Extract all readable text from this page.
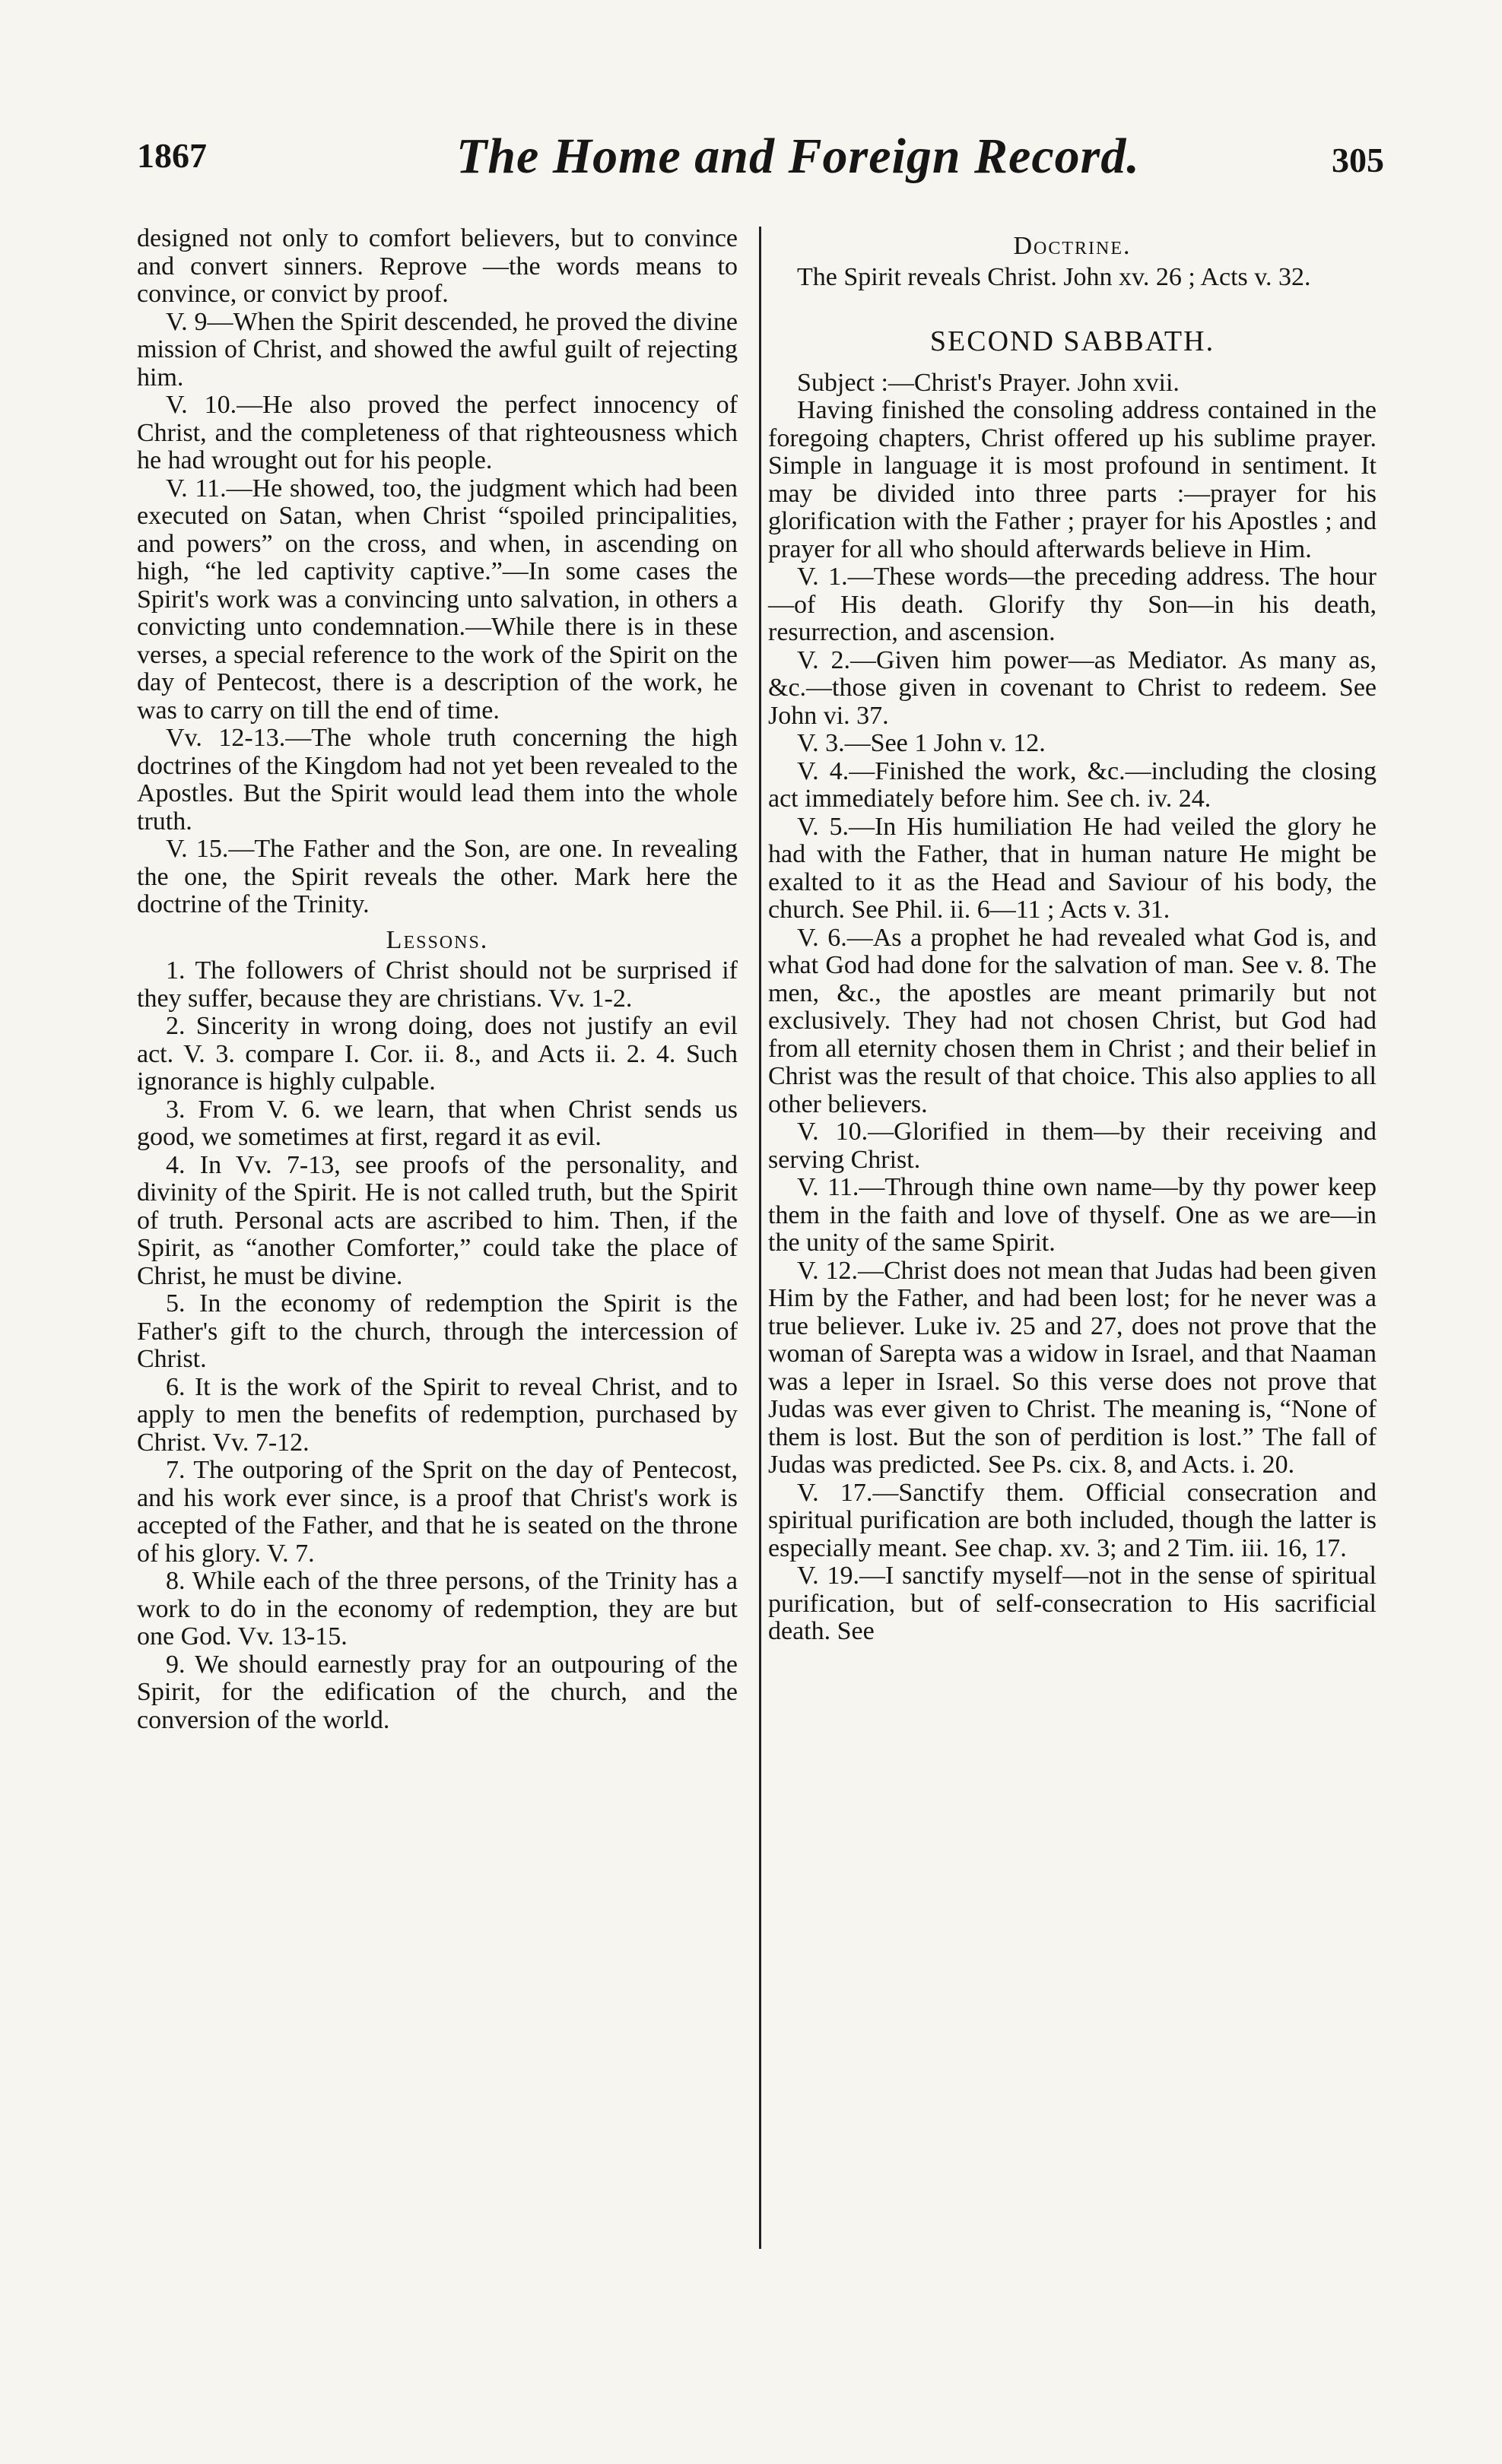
1867	The Home and Foreign Record.	305

designed not only to comfort believers, but to convince and convert sinners. Reprove —the words means to convince, or convict by proof.

V. 9—When the Spirit descended, he proved the divine mission of Christ, and showed the awful guilt of rejecting him.

V. 10.—He also proved the perfect innocency of Christ, and the completeness of that righteousness which he had wrought out for his people.

V. 11.—He showed, too, the judgment which had been executed on Satan, when Christ “spoiled principalities, and powers” on the cross, and when, in ascending on high, “he led captivity captive.”—In some cases the Spirit's work was a convincing unto salvation, in others a convicting unto condemnation.—While there is in these verses, a special reference to the work of the Spirit on the day of Pentecost, there is a description of the work, he was to carry on till the end of time.

Vv. 12-13.—The whole truth concerning the high doctrines of the Kingdom had not yet been revealed to the Apostles. But the Spirit would lead them into the whole truth.

V. 15.—The Father and the Son, are one. In revealing the one, the Spirit reveals the other. Mark here the doctrine of the Trinity.

Lessons.

1. The followers of Christ should not be surprised if they suffer, because they are christians. Vv. 1-2.

2. Sincerity in wrong doing, does not justify an evil act. V. 3. compare I. Cor. ii. 8., and Acts ii. 2. 4. Such ignorance is highly culpable.

3. From V. 6. we learn, that when Christ sends us good, we sometimes at first, regard it as evil.

4. In Vv. 7-13, see proofs of the personality, and divinity of the Spirit. He is not called truth, but the Spirit of truth. Personal acts are ascribed to him. Then, if the Spirit, as “another Comforter,” could take the place of Christ, he must be divine.

5. In the economy of redemption the Spirit is the Father's gift to the church, through the intercession of Christ.

6. It is the work of the Spirit to reveal Christ, and to apply to men the benefits of redemption, purchased by Christ. Vv. 7-12.

7. The outporing of the Sprit on the day of Pentecost, and his work ever since, is a proof that Christ's work is accepted of the Father, and that he is seated on the throne of his glory. V. 7.

8. While each of the three persons, of the Trinity has a work to do in the economy of redemption, they are but one God. Vv. 13-15.

9. We should earnestly pray for an outpouring of the Spirit, for the edification of the church, and the conversion of the world.

Doctrine.

The Spirit reveals Christ. John xv. 26 ; Acts v. 32.

SECOND SABBATH.

Subject :—Christ's Prayer. John xvii.

Having finished the consoling address contained in the foregoing chapters, Christ offered up his sublime prayer. Simple in language it is most profound in sentiment. It may be divided into three parts :—prayer for his glorification with the Father ; prayer for his Apostles ; and prayer for all who should afterwards believe in Him.

V. 1.—These words—the preceding address. The hour—of His death. Glorify thy Son—in his death, resurrection, and ascension.

V. 2.—Given him power—as Mediator. As many as, &c.—those given in covenant to Christ to redeem. See John vi. 37.

V. 3.—See 1 John v. 12.

V. 4.—Finished the work, &c.—including the closing act immediately before him. See ch. iv. 24.

V. 5.—In His humiliation He had veiled the glory he had with the Father, that in human nature He might be exalted to it as the Head and Saviour of his body, the church. See Phil. ii. 6—11 ; Acts v. 31.

V. 6.—As a prophet he had revealed what God is, and what God had done for the salvation of man. See v. 8. The men, &c., the apostles are meant primarily but not exclusively. They had not chosen Christ, but God had from all eternity chosen them in Christ ; and their belief in Christ was the result of that choice. This also applies to all other believers.

V. 10.—Glorified in them—by their receiving and serving Christ.

V. 11.—Through thine own name—by thy power keep them in the faith and love of thyself. One as we are—in the unity of the same Spirit.

V. 12.—Christ does not mean that Judas had been given Him by the Father, and had been lost; for he never was a true believer. Luke iv. 25 and 27, does not prove that the woman of Sarepta was a widow in Israel, and that Naaman was a leper in Israel. So this verse does not prove that Judas was ever given to Christ. The meaning is, “None of them is lost. But the son of perdition is lost.” The fall of Judas was predicted. See Ps. cix. 8, and Acts. i. 20.

V. 17.—Sanctify them. Official consecration and spiritual purification are both included, though the latter is especially meant. See chap. xv. 3; and 2 Tim. iii. 16, 17.

V. 19.—I sanctify myself—not in the sense of spiritual purification, but of self-consecration to His sacrificial death. See
